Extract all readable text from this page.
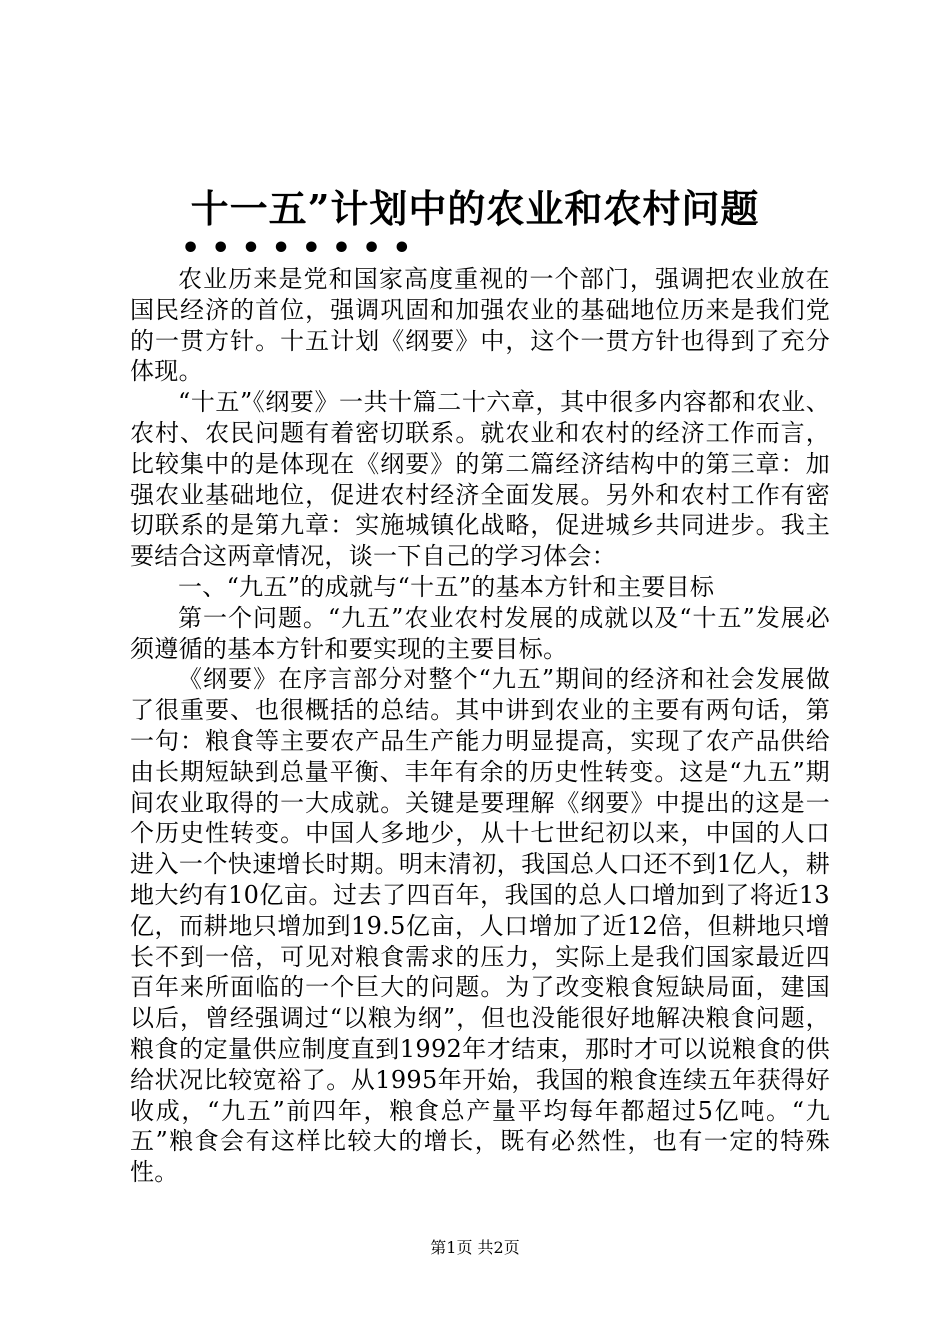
十一五”计划中的农业和农村问题
••••••••

农业历来是党和国家高度重视的一个部门，强调把农业放在国民经济的首位，强调巩固和加强农业的基础地位历来是我们党的一贯方针。十五计划《纲要》中，这个一贯方针也得到了充分体现。

“十五”《纲要》一共十篇二十六章，其中很多内容都和农业、农村、农民问题有着密切联系。就农业和农村的经济工作而言，比较集中的是体现在《纲要》的第二篇经济结构中的第三章：加强农业基础地位，促进农村经济全面发展。另外和农村工作有密切联系的是第九章：实施城镇化战略，促进城乡共同进步。我主要结合这两章情况，谈一下自己的学习体会：

一、“九五”的成就与“十五”的基本方针和主要目标

第一个问题。“九五”农业农村发展的成就以及“十五”发展必须遵循的基本方针和要实现的主要目标。

《纲要》在序言部分对整个“九五”期间的经济和社会发展做了很重要、也很概括的总结。其中讲到农业的主要有两句话，第一句：粮食等主要农产品生产能力明显提高，实现了农产品供给由长期短缺到总量平衡、丰年有余的历史性转变。这是“九五”期间农业取得的一大成就。关键是要理解《纲要》中提出的这是一个历史性转变。中国人多地少，从十七世纪初以来，中国的人口进入一个快速增长时期。明末清初，我国总人口还不到1亿人，耕地大约有10亿亩。过去了四百年，我国的总人口增加到了将近13亿，而耕地只增加到19.5亿亩，人口增加了近12倍，但耕地只增长不到一倍，可见对粮食需求的压力，实际上是我们国家最近四百年来所面临的一个巨大的问题。为了改变粮食短缺局面，建国以后，曾经强调过“以粮为纲”，但也没能很好地解决粮食问题，粮食的定量供应制度直到1992年才结束，那时才可以说粮食的供给状况比较宽裕了。从1995年开始，我国的粮食连续五年获得好收成，“九五”前四年，粮食总产量平均每年都超过5亿吨。“九五”粮食会有这样比较大的增长，既有必然性，也有一定的特殊性。

第1页 共2页
